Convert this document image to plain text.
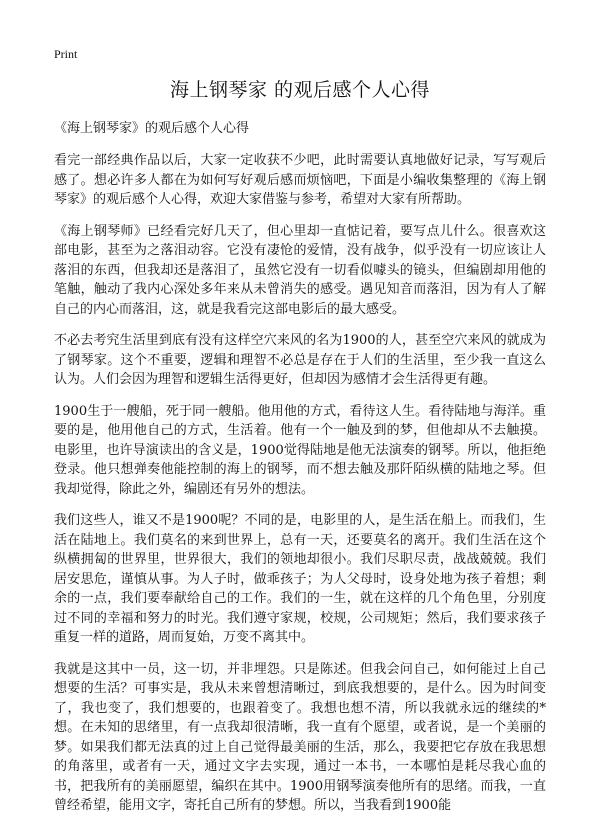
Print
海上钢琴家 的观后感个人心得
《海上钢琴家》的观后感个人心得

看完一部经典作品以后，大家一定收获不少吧，此时需要认真地做好记录，写写观后感了。想必许多人都在为如何写好观后感而烦恼吧，下面是小编收集整理的《海上钢琴家》的观后感个人心得，欢迎大家借鉴与参考，希望对大家有所帮助。

《海上钢琴师》已经看完好几天了，但心里却一直惦记着，要写点儿什么。很喜欢这部电影，甚至为之落泪动容。它没有凄怆的爱情，没有战争，似乎没有一切应该让人落泪的东西，但我却还是落泪了，虽然它没有一切看似噱头的镜头，但编剧却用他的笔触，触动了我内心深处多年来从未曾消失的感受。遇见知音而落泪，因为有人了解自己的内心而落泪，这，就是我看完这部电影后的最大感受。

不必去考究生活里到底有没有这样空穴来风的名为1900的人，甚至空穴来风的就成为了钢琴家。这个不重要，逻辑和理智不必总是存在于人们的生活里，至少我一直这么认为。人们会因为理智和逻辑生活得更好，但却因为感情才会生活得更有趣。

1900生于一艘船，死于同一艘船。他用他的方式，看待这人生。看待陆地与海洋。重要的是，他用他自己的方式，生活着。他有一个一触及到的梦，但他却从不去触摸。电影里，也许导演读出的含义是，1900觉得陆地是他无法演奏的钢琴。所以，他拒绝登录。他只想弹奏他能控制的海上的钢琴，而不想去触及那阡陌纵横的陆地之琴。但我却觉得，除此之外，编剧还有另外的想法。

我们这些人，谁又不是1900呢？不同的是，电影里的人，是生活在船上。而我们，生活在陆地上。我们莫名的来到世界上，总有一天，还要莫名的离开。我们生活在这个纵横拥匐的世界里，世界很大，我们的领地却很小。我们尽职尽责，战战兢兢。我们居安思危，谨慎从事。为人子时，做乖孩子；为人父母时，设身处地为孩子着想；剩余的一点，我们要奉献给自己的工作。我们的一生，就在这样的几个角色里，分别度过不同的幸福和努力的时光。我们遵守家规，校规，公司规矩；然后，我们要求孩子重复一样的道路，周而复始，万变不离其中。

我就是这其中一员，这一切，并非埋怨。只是陈述。但我会问自己，如何能过上自己想要的生活？可事实是，我从未来曾想清晰过，到底我想要的，是什么。因为时间变了，我也变了，我们想要的，也跟着变了。我想也想不清，所以我就永远的继续的*想。在未知的思绪里，有一点我却很清晰，我一直有个愿望，或者说，是一个美丽的梦。如果我们都无法真的过上自己觉得最美丽的生活，那么，我要把它存放在我思想的角落里，或者有一天，通过文字去实现，通过一本书，一本哪怕是耗尽我心血的书，把我所有的美丽愿望，编织在其中。1900用钢琴演奏他所有的思绪。而我，一直曾经希望，能用文字，寄托自己所有的梦想。所以，当我看到1900能
